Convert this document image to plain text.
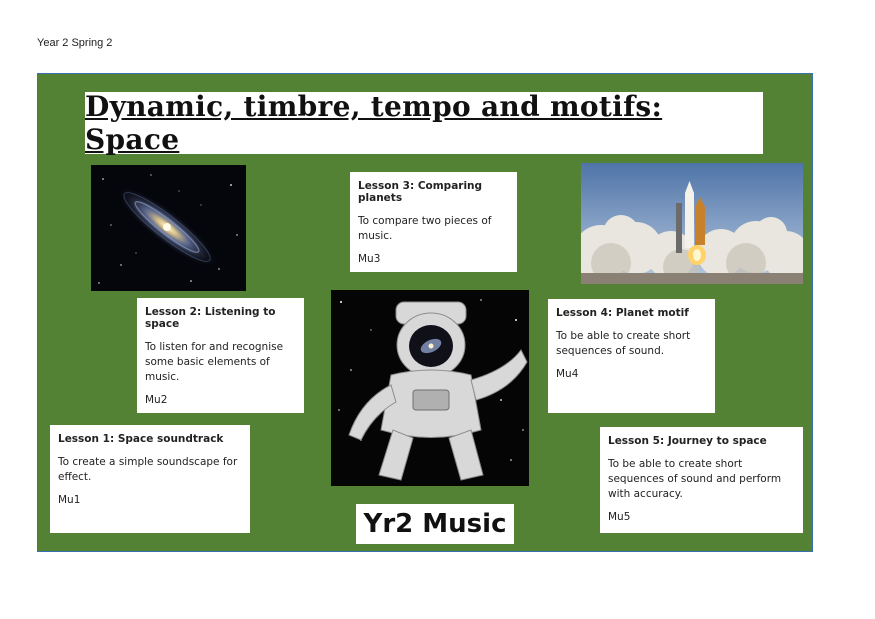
Year 2 Spring 2
Dynamic, timbre, tempo and motifs: Space
Lesson 1: Space soundtrack
To create a simple soundscape for effect.
Mu1
Lesson 2: Listening to space
To listen for and recognise some basic elements of music.
Mu2
Lesson 3: Comparing planets
To compare two pieces of music.
Mu3
Lesson 4: Planet motif
To be able to create short sequences of sound.
Mu4
Lesson 5: Journey to space
To be able to create short sequences of sound and perform with accuracy.
Mu5
Yr2 Music
